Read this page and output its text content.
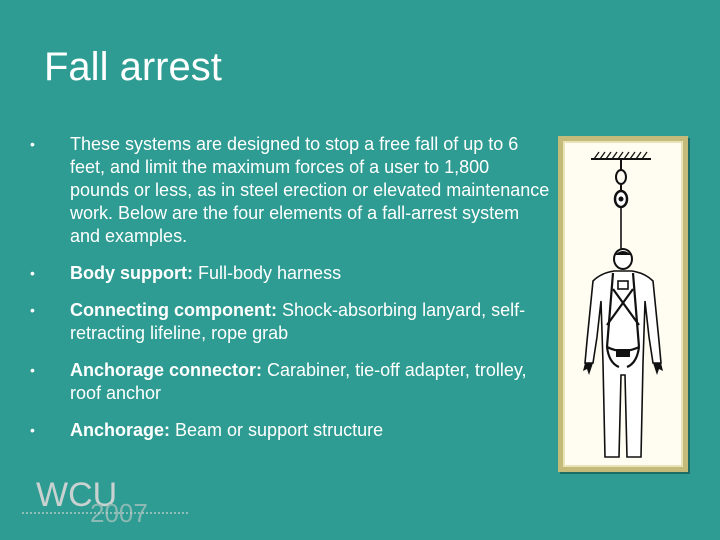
Fall arrest
•	These systems are designed to stop a free fall of up to 6 feet, and limit the maximum forces of a user to 1,800 pounds or less, as in steel erection or elevated maintenance work. Below are the four elements of a fall-arrest system and examples.
•	Body support: Full-body harness
•	Connecting component: Shock-absorbing lanyard, self-retracting lifeline, rope grab
•	Anchorage connector: Carabiner, tie-off adapter, trolley, roof anchor
•	Anchorage: Beam or support structure
WCU
2007
